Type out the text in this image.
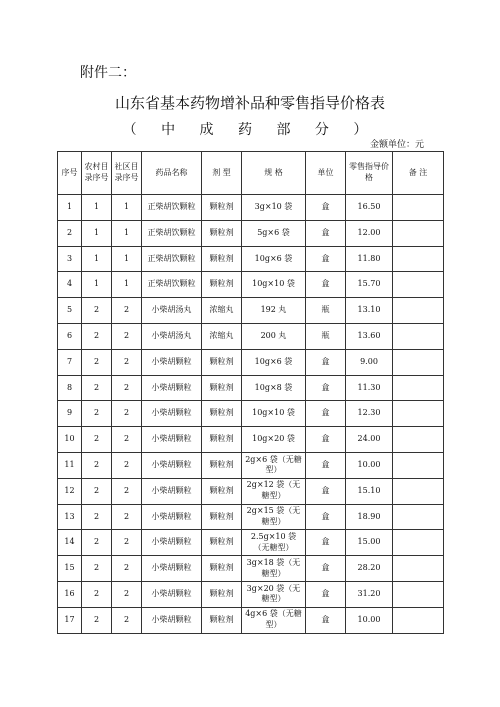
附件二：
山东省基本药物增补品种零售指导价格表
（ 中 成 药 部 分 ）
金额单位：元
序号	农村目录序号	社区目录序号	药品名称	剂 型	规 格	单位	零售指导价格	备 注
1	1	1	正柴胡饮颗粒	颗粒剂	3g×10 袋	盒	16.50	
2	1	1	正柴胡饮颗粒	颗粒剂	5g×6 袋	盒	12.00	
3	1	1	正柴胡饮颗粒	颗粒剂	10g×6 袋	盒	11.80	
4	1	1	正柴胡饮颗粒	颗粒剂	10g×10 袋	盒	15.70	
5	2	2	小柴胡汤丸	浓缩丸	192 丸	瓶	13.10	
6	2	2	小柴胡汤丸	浓缩丸	200 丸	瓶	13.60	
7	2	2	小柴胡颗粒	颗粒剂	10g×6 袋	盒	9.00	
8	2	2	小柴胡颗粒	颗粒剂	10g×8 袋	盒	11.30	
9	2	2	小柴胡颗粒	颗粒剂	10g×10 袋	盒	12.30	
10	2	2	小柴胡颗粒	颗粒剂	10g×20 袋	盒	24.00	
11	2	2	小柴胡颗粒	颗粒剂	2g×6 袋（无糖型）	盒	10.00	
12	2	2	小柴胡颗粒	颗粒剂	2g×12 袋（无糖型）	盒	15.10	
13	2	2	小柴胡颗粒	颗粒剂	2g×15 袋（无糖型）	盒	18.90	
14	2	2	小柴胡颗粒	颗粒剂	2.5g×10 袋（无糖型）	盒	15.00	
15	2	2	小柴胡颗粒	颗粒剂	3g×18 袋（无糖型）	盒	28.20	
16	2	2	小柴胡颗粒	颗粒剂	3g×20 袋（无糖型）	盒	31.20	
17	2	2	小柴胡颗粒	颗粒剂	4g×6 袋（无糖型）	盒	10.00	
